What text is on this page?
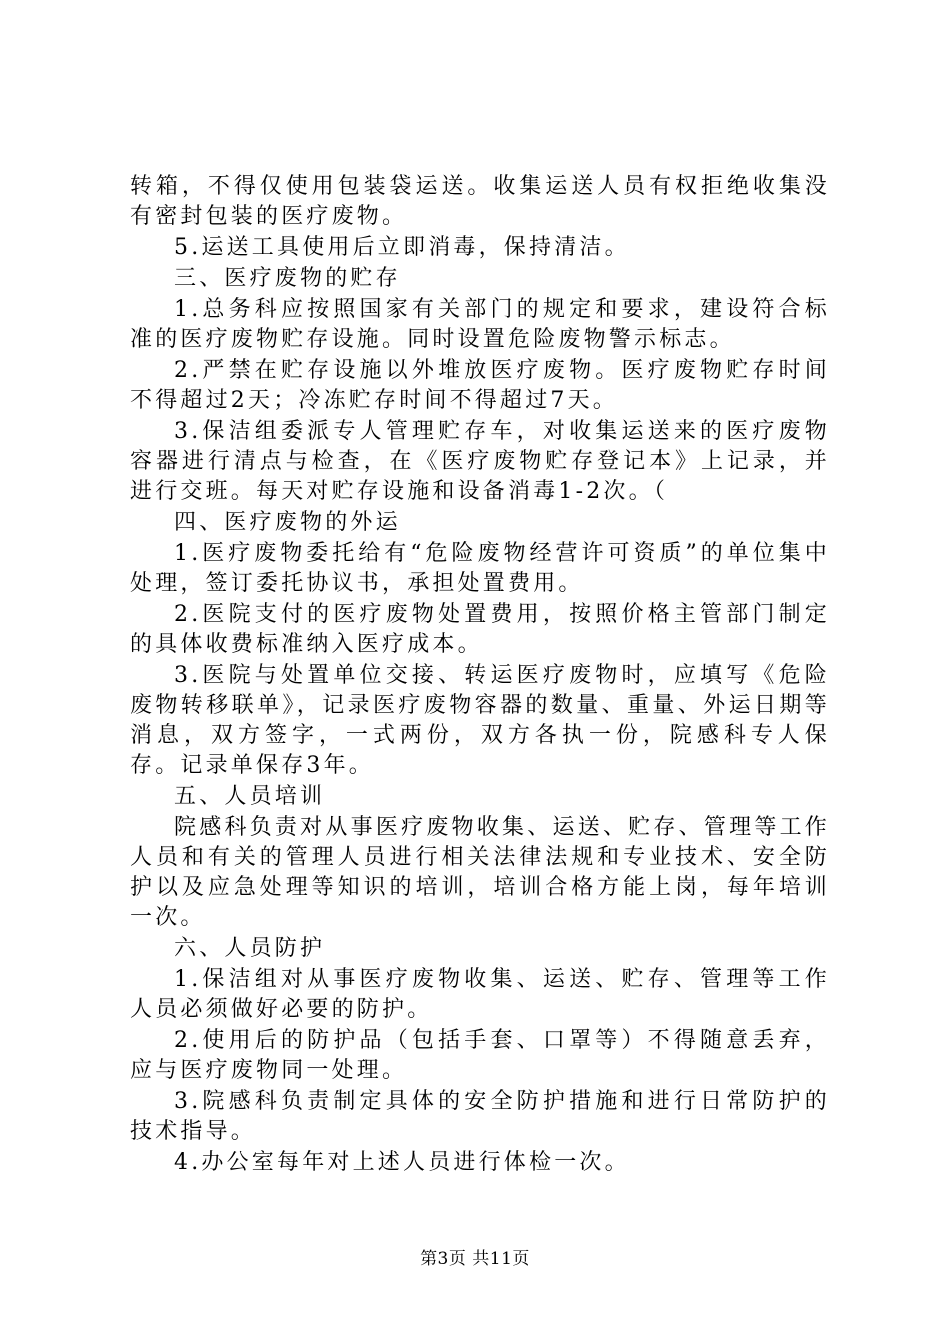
转箱，不得仅使用包装袋运送。收集运送人员有权拒绝收集没有密封包装的医疗废物。

5.运送工具使用后立即消毒，保持清洁。

三、医疗废物的贮存

1.总务科应按照国家有关部门的规定和要求，建设符合标准的医疗废物贮存设施。同时设置危险废物警示标志。

2.严禁在贮存设施以外堆放医疗废物。医疗废物贮存时间不得超过2天；冷冻贮存时间不得超过7天。

3.保洁组委派专人管理贮存车，对收集运送来的医疗废物容器进行清点与检查，在《医疗废物贮存登记本》上记录，并进行交班。每天对贮存设施和设备消毒1-2次。（

四、医疗废物的外运

1.医疗废物委托给有“危险废物经营许可资质”的单位集中处理，签订委托协议书，承担处置费用。

2.医院支付的医疗废物处置费用，按照价格主管部门制定的具体收费标准纳入医疗成本。

3.医院与处置单位交接、转运医疗废物时，应填写《危险废物转移联单》，记录医疗废物容器的数量、重量、外运日期等消息，双方签字，一式两份，双方各执一份，院感科专人保存。记录单保存3年。

五、人员培训

院感科负责对从事医疗废物收集、运送、贮存、管理等工作人员和有关的管理人员进行相关法律法规和专业技术、安全防护以及应急处理等知识的培训，培训合格方能上岗，每年培训一次。

六、人员防护

1.保洁组对从事医疗废物收集、运送、贮存、管理等工作人员必须做好必要的防护。

2.使用后的防护品（包括手套、口罩等）不得随意丢弃，应与医疗废物同一处理。

3.院感科负责制定具体的安全防护措施和进行日常防护的技术指导。

4.办公室每年对上述人员进行体检一次。

第3页 共11页
